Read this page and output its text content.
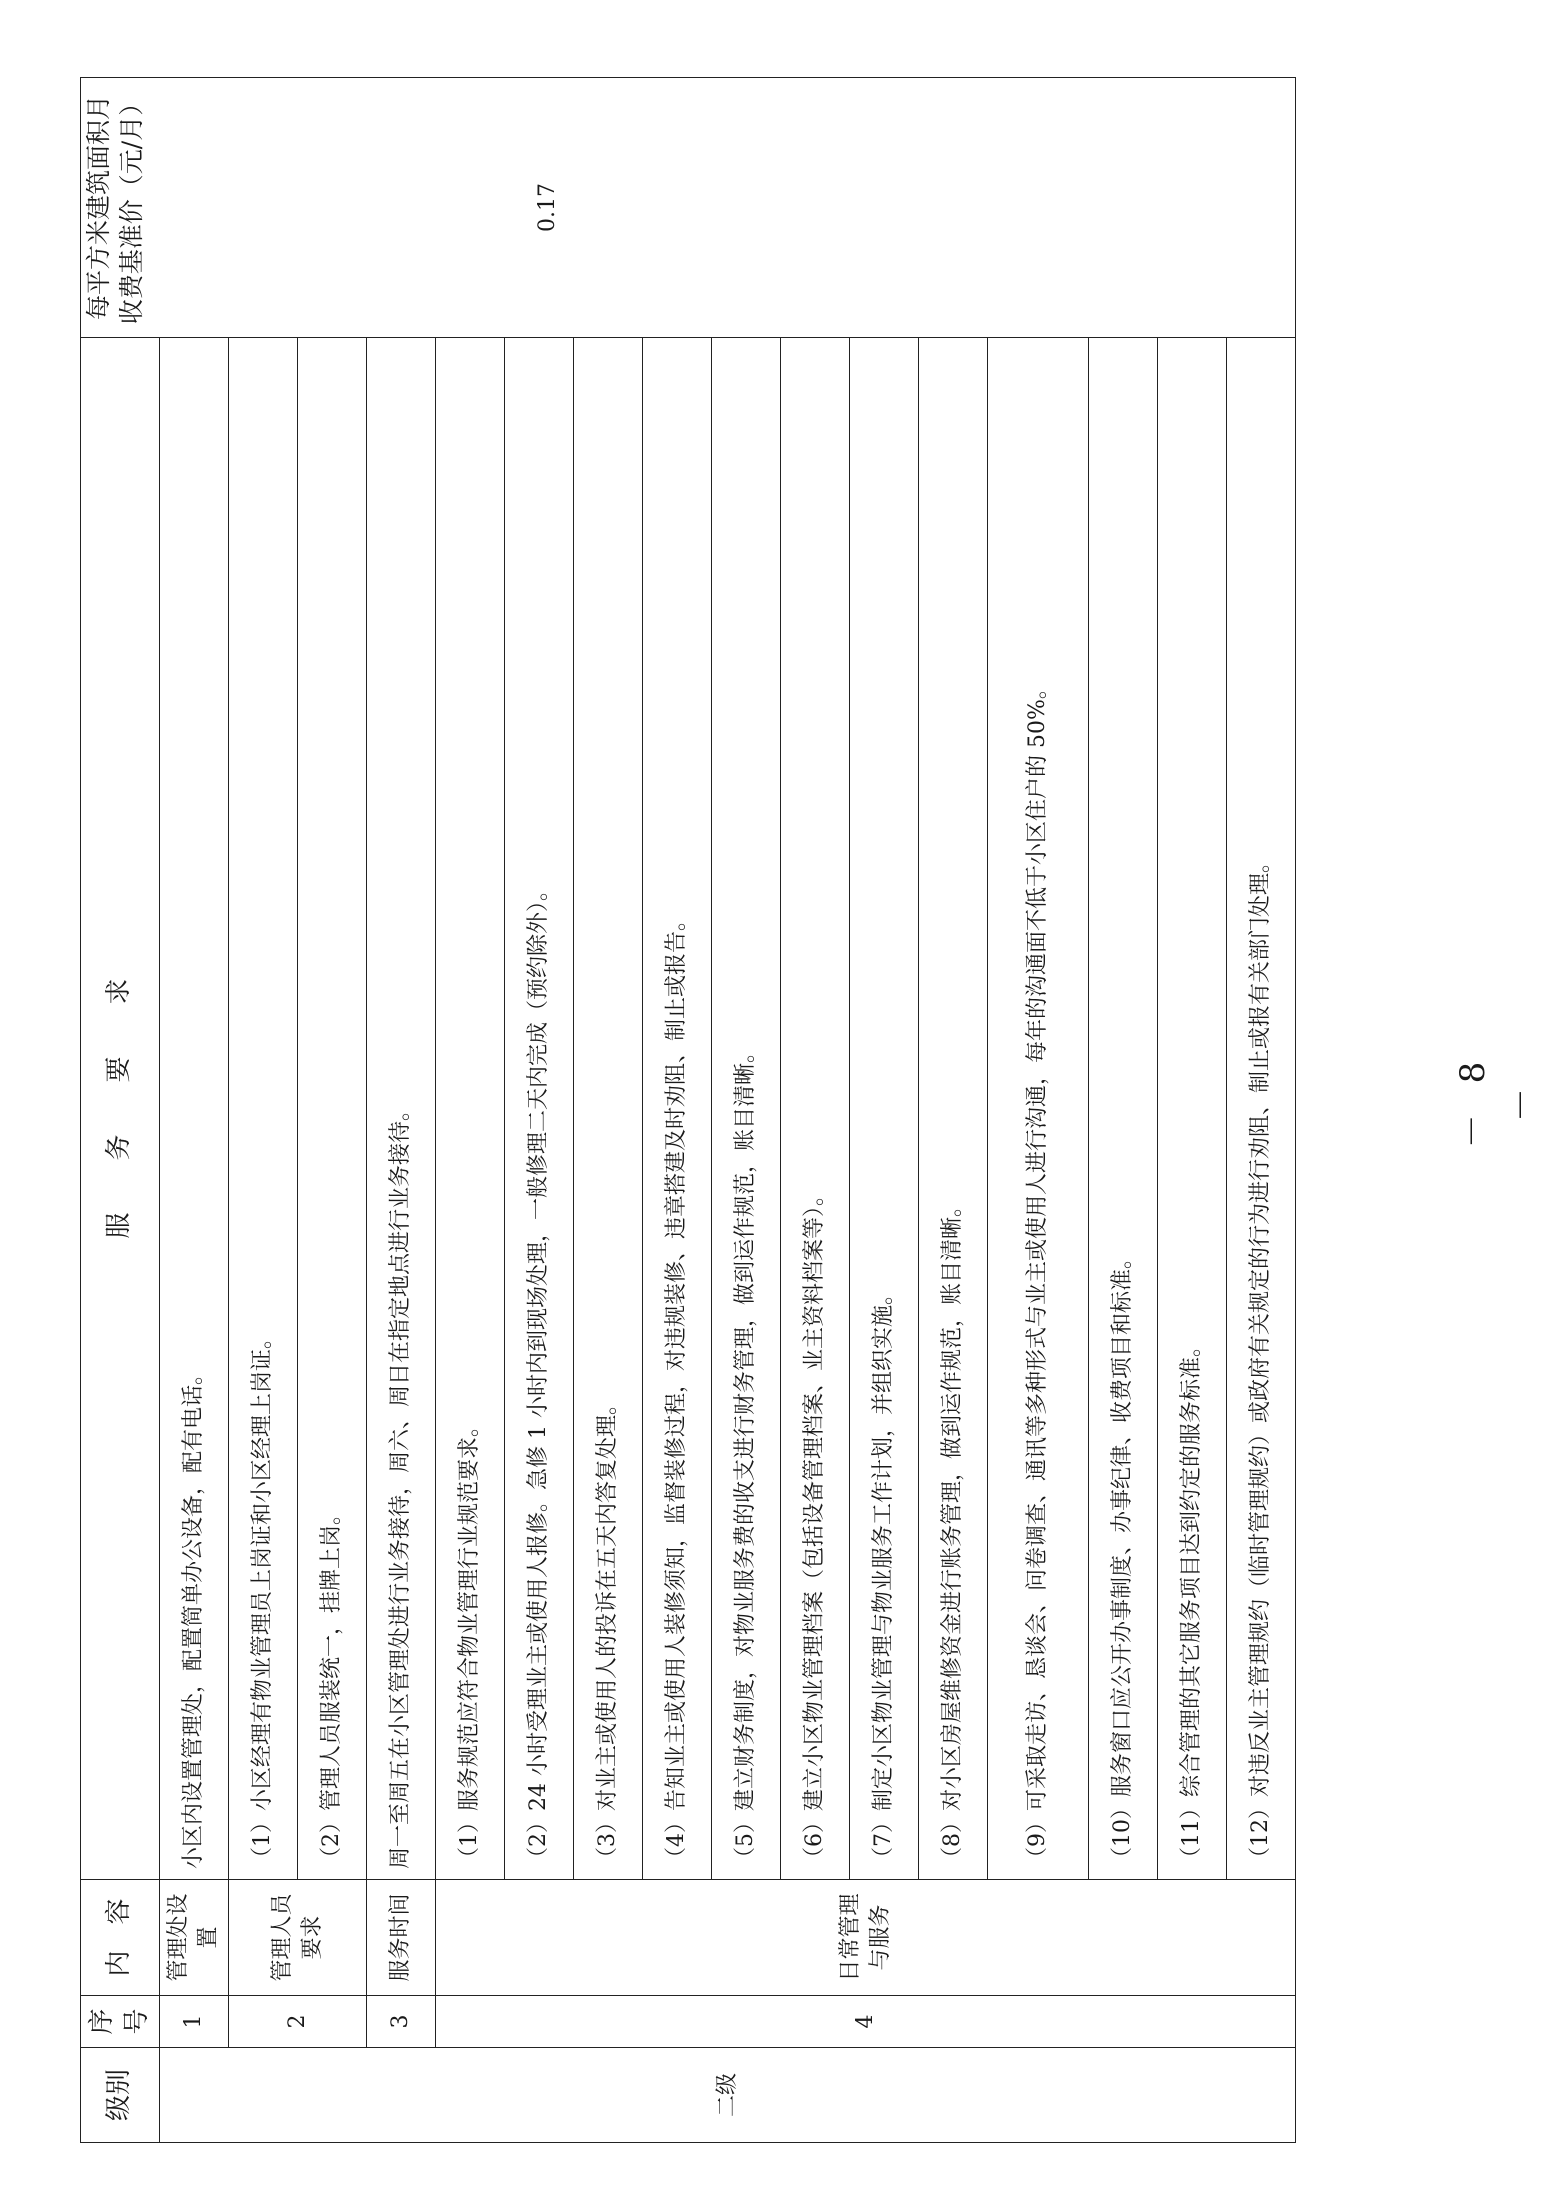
级别	序号	内　容	服　　务　　要　　求	每平方米建筑面积月收费基准价（元/月） 0.17

二级	1	管理处设置	小区内设置管理处，配置简单办公设备，配有电话。	
	2	管理人员要求	（1）小区经理有物业管理员上岗证和小区经理上岗证。	
			（2）管理人员服装统一，挂牌上岗。	
	3	服务时间	周一至周五在小区管理处进行业务接待，周六、周日在指定地点进行业务接待。	
	4	日常管理与服务	（1）服务规范应符合物业管理行业规范要求。	
			（2）24 小时受理业主或使用人报修。急修 1 小时内到现场处理，一般修理二天内完成（预约除外）。	
			（3）对业主或使用人的投诉在五天内答复处理。	
			（4）告知业主或使用人装修须知，监督装修过程，对违规装修、违章搭建及时劝阻、制止或报告。	
			（5）建立财务制度，对物业服务费的收支进行财务管理，做到运作规范，账目清晰。	
			（6）建立小区物业管理档案（包括设备管理档案、业主资料档案等）。	
			（7）制定小区物业管理与物业服务工作计划，并组织实施。	
			（8）对小区房屋维修资金进行账务管理，做到运作规范，账目清晰。	
			（9）可采取走访、恳谈会、问卷调查、通讯等多种形式与业主或使用人进行沟通，每年的沟通面不低于小区住户的 50%。	
			（10）服务窗口应公开办事制度、办事纪律、收费项目和标准。	
			（11）综合管理的其它服务项目达到约定的服务标准。	
			（12）对违反业主管理规约（临时管理规约）或政府有关规定的行为进行劝阻、制止或报有关部门处理。		－ 8 －
